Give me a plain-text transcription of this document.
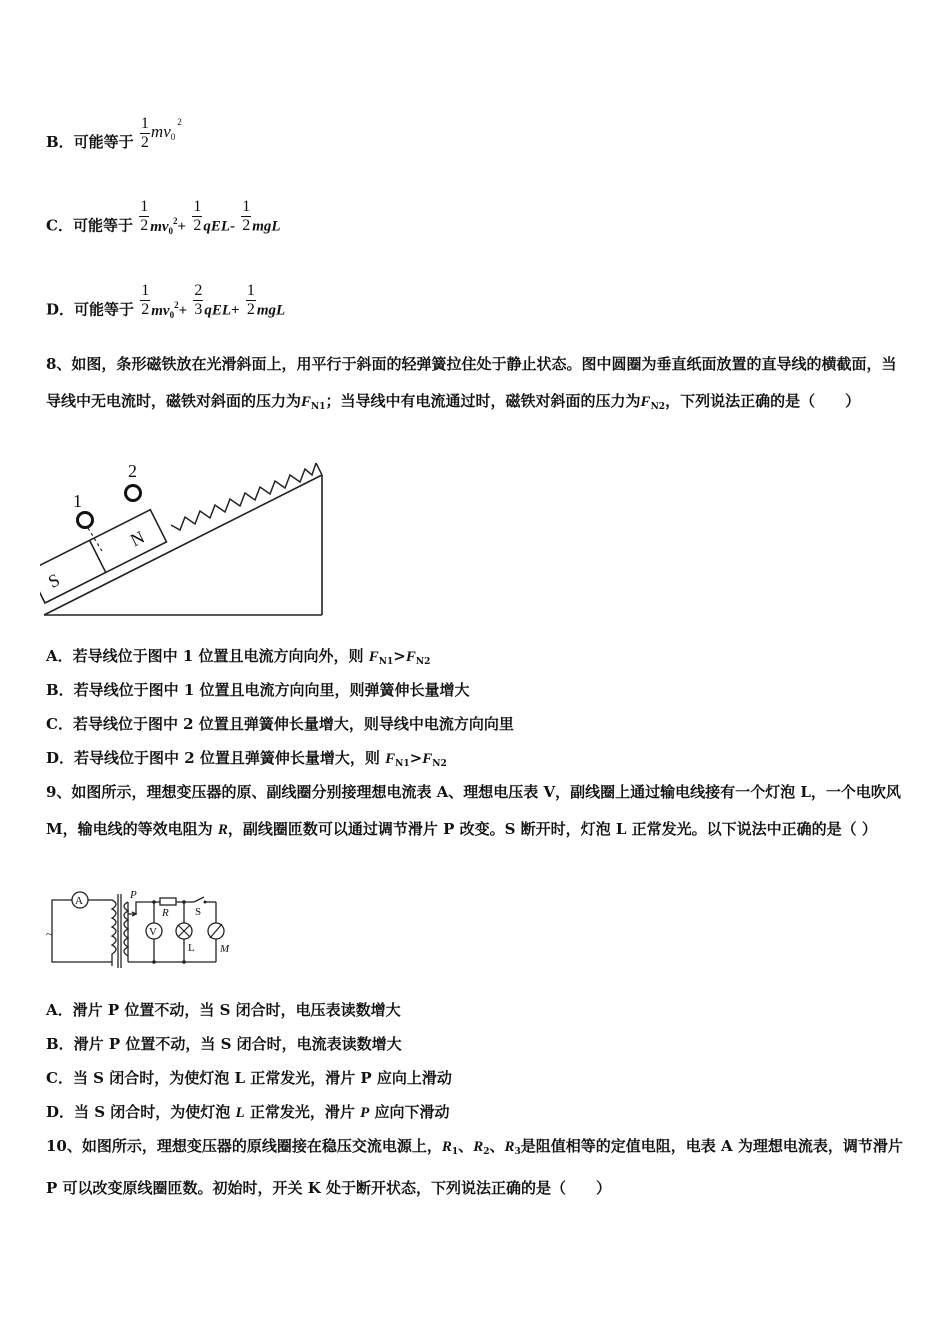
B．可能等于 $\frac{1}{2} mv_0^2$
C．可能等于 $\frac{1}{2} mv_0^2+ \frac{1}{2} qEL- \frac{1}{2}$ mgL
D．可能等于 $\frac{1}{2} mv_0^2+ \frac{2}{3} qEL+ \frac{1}{2}$ mgL
8、如图，条形磁铁放在光滑斜面上，用平行于斜面的轻弹簧拉住处于静止状态。图中圆圈为垂直纸面放置的直导线的横截面，当导线中无电流时，磁铁对斜面的压力为$F_{N1}$；当导线中有电流通过时，磁铁对斜面的压力为$F_{N2}$，下列说法正确的是（　　）
S
N
1
2
A．若导线位于图中 1 位置且电流方向向外，则 $F_{N1}>F_{N2}$
B．若导线位于图中 1 位置且电流方向向里，则弹簧伸长量增大
C．若导线位于图中 2 位置且弹簧伸长量增大，则导线中电流方向向里
D．若导线位于图中 2 位置且弹簧伸长量增大，则 $F_{N1}>F_{N2}$
9、如图所示，理想变压器的原、副线圈分别接理想电流表 A、理想电压表 V，副线圈上通过输电线接有一个灯泡 L，一个电吹风 M，输电线的等效电阻为 R，副线圈匝数可以通过调节滑片 P 改变。S 断开时，灯泡 L 正常发光。以下说法中正确的是（ ）
A
V
~
P
R S
L M
A．滑片 P 位置不动，当 S 闭合时，电压表读数增大
B．滑片 P 位置不动，当 S 闭合时，电流表读数增大
C．当 S 闭合时，为使灯泡 L 正常发光，滑片 P 应向上滑动
D．当 S 闭合时，为使灯泡 L 正常发光，滑片 P 应向下滑动
10、如图所示，理想变压器的原线圈接在稳压交流电源上，$R_1$、$R_2$、$R_3$是阻值相等的定值电阻，电表 A 为理想电流表，调节滑片 P 可以改变原线圈匝数。初始时，开关 K 处于断开状态，下列说法正确的是（　　）
